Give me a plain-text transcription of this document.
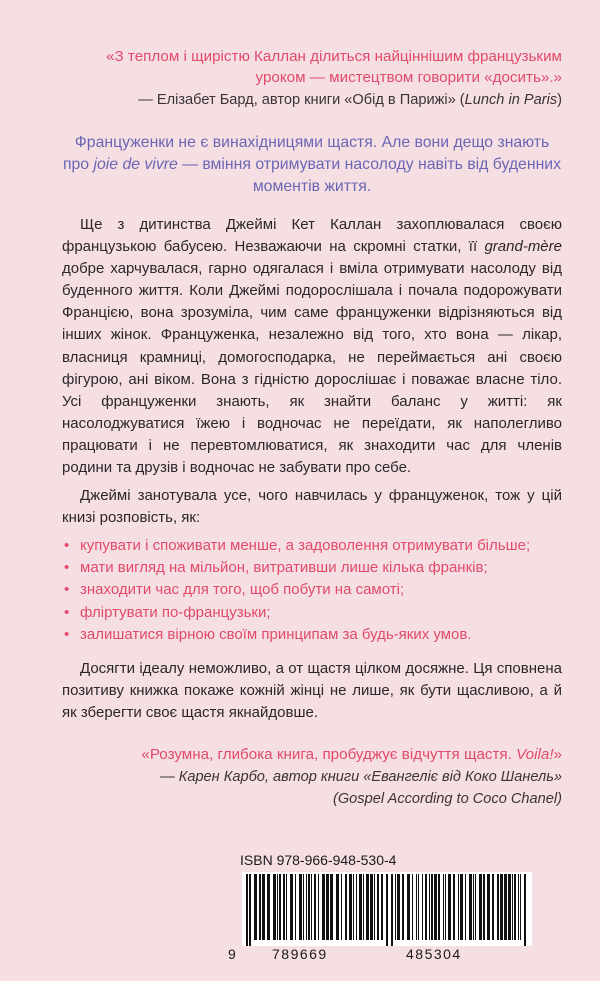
«З теплом і щирістю Каллан ділиться найціннішим французьким уроком — мистецтвом говорити «досить».»
— Елізабет Бард, автор книги «Обід в Парижі» (Lunch in Paris)
Француженки не є винахідницями щастя. Але вони дещо знають про joie de vivre — вміння отримувати насолоду навіть від буденних моментів життя.

Ще з дитинства Джеймі Кет Каллан захоплювалася своєю французькою бабусею. Незважаючи на скромні статки, її grand-mère добре харчувалася, гарно одягалася і вміла отримувати насолоду від буденного життя. Коли Джеймі подорослішала і почала подорожувати Францією, вона зрозуміла, чим саме француженки відрізняються від інших жінок. Француженка, незалежно від того, хто вона — лікар, власниця крамниці, домогосподарка, не переймається ані своєю фігурою, ані віком. Вона з гідністю дорослішає і поважає власне тіло. Усі француженки знають, як знайти баланс у житті: як насолоджуватися їжею і водночас не переїдати, як наполегливо працювати і не перевтомлюватися, як знаходити час для членів родини та друзів і водночас не забувати про себе.

Джеймі занотувала усе, чого навчилась у француженок, тож у цій книзі розповість, як:

• купувати і споживати менше, а задоволення отримувати більше;
• мати вигляд на мільйон, витративши лише кілька франків;
• знаходити час для того, щоб побути на самоті;
• фліртувати по-французьки;
• залишатися вірною своїм принципам за будь-яких умов.

Досягти ідеалу неможливо, а от щастя цілком досяжне. Ця сповнена позитиву книжка покаже кожній жінці не лише, як бути щасливою, а й як зберегти своє щастя якнайдовше.

«Розумна, глибока книга, пробуджує відчуття щастя. Voila!»
— Карен Карбо, автор книги «Евангеліє від Коко Шанель»
(Gospel According to Coco Chanel)
ISBN 978-966-948-530-4
9	789669	485304
